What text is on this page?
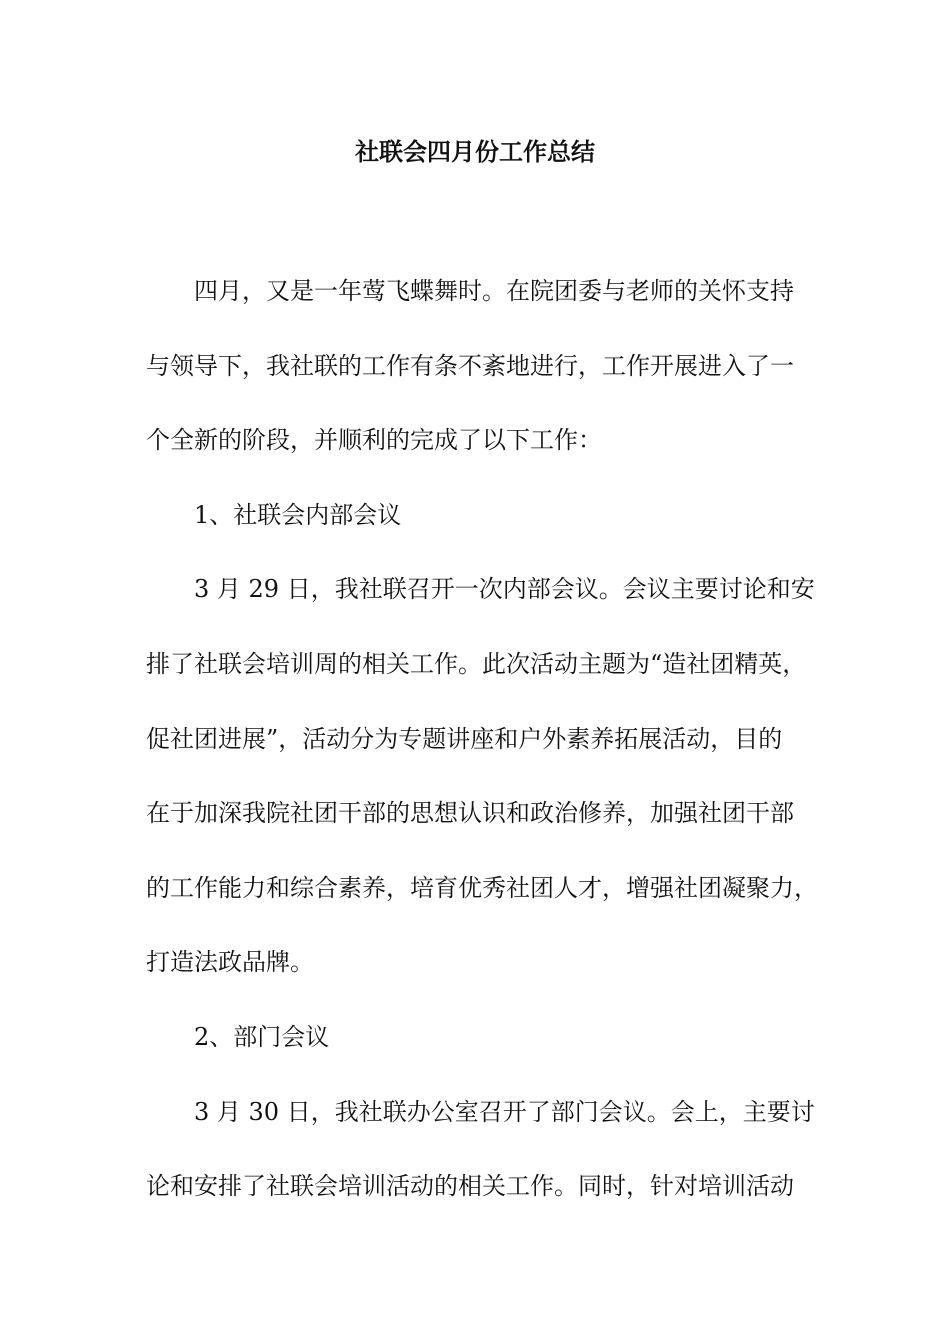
社联会四月份工作总结

四月，又是一年莺飞蝶舞时。在院团委与老师的关怀支持

与领导下，我社联的工作有条不紊地进行，工作开展进入了一

个全新的阶段，并顺利的完成了以下工作：

1、社联会内部会议

3 月 29 日，我社联召开一次内部会议。会议主要讨论和安

排了社联会培训周的相关工作。此次活动主题为“造社团精英，

促社团进展”，活动分为专题讲座和户外素养拓展活动，目的

在于加深我院社团干部的思想认识和政治修养，加强社团干部

的工作能力和综合素养，培育优秀社团人才，增强社团凝聚力，

打造法政品牌。

2、部门会议

3 月 30 日，我社联办公室召开了部门会议。会上，主要讨

论和安排了社联会培训活动的相关工作。同时，针对培训活动
